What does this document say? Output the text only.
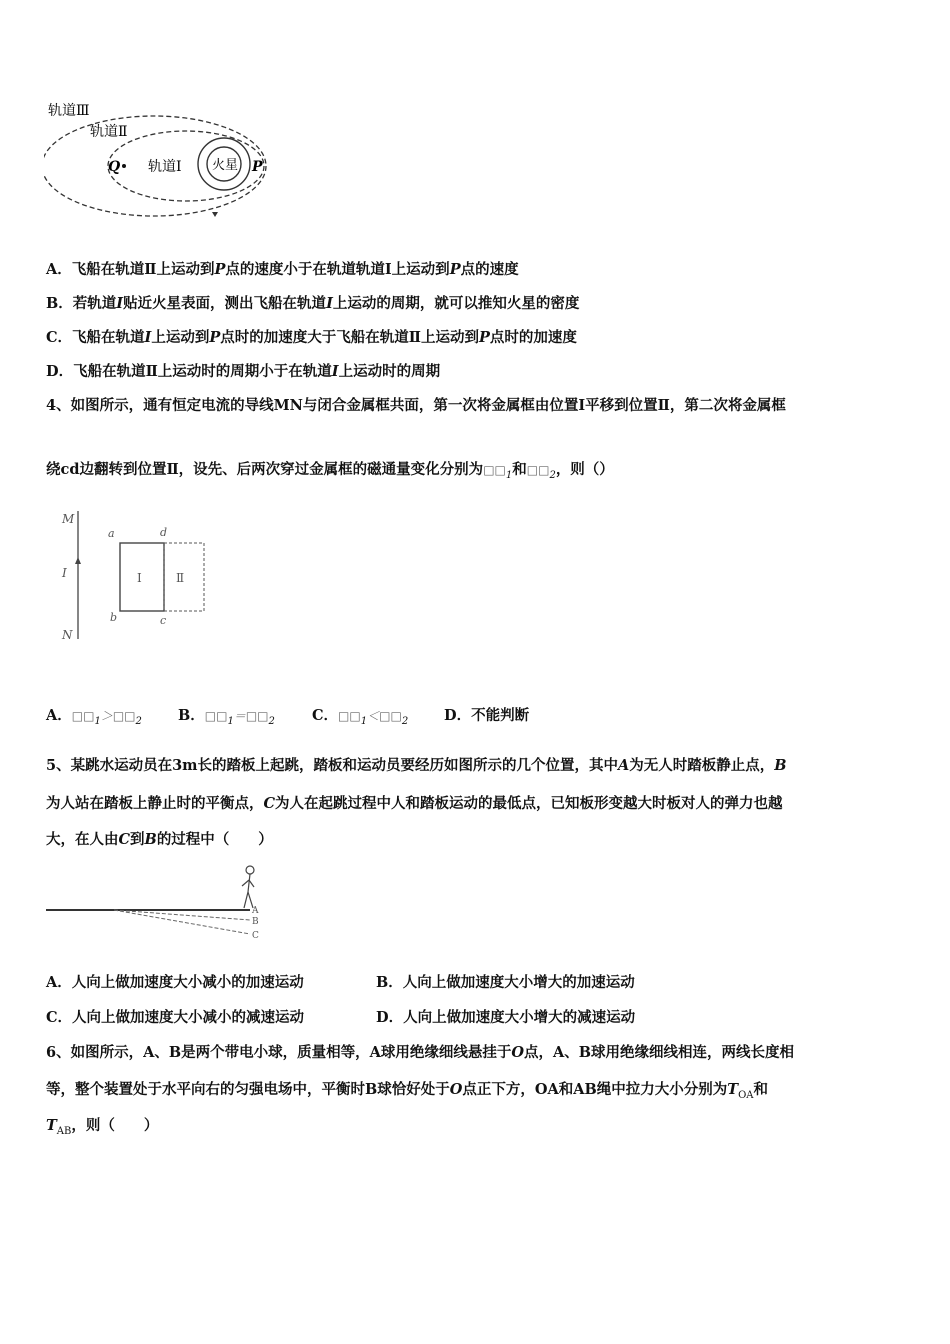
火星
Q	P
轨道Ⅰ
轨道Ⅱ
轨道Ⅲ
A．飞船在轨道Ⅱ上运动到P点的速度小于在轨道轨道Ⅰ上运动到P点的速度
B．若轨道I贴近火星表面，测出飞船在轨道I上运动的周期，就可以推知火星的密度
C．飞船在轨道I上运动到P点时的加速度大于飞船在轨道Ⅱ上运动到P点时的加速度
D．飞船在轨道Ⅱ上运动时的周期小于在轨道I上运动时的周期
4、如图所示，通有恒定电流的导线MN与闭合金属框共面，第一次将金属框由位置Ⅰ平移到位置Ⅱ，第二次将金属框
绕cd边翻转到位置Ⅱ，设先、后两次穿过金属框的磁通量变化分别为$□□_1$和$□□_2$，则（）
M
I
N
a	d
b	c
Ⅰ	Ⅱ
A．$□□_1>□□_2$ B．$□□_1=□□_2$	C．$□□_1<□□_2$ D．不能判断
5、某跳水运动员在3m长的踏板上起跳，踏板和运动员要经历如图所示的几个位置，其中A为无人时踏板静止点，B
为人站在踏板上静止时的平衡点，C为人在起跳过程中人和踏板运动的最低点，已知板形变越大时板对人的弹力也越
大，在人由C到B的过程中（　　）
A
B
C
A．人向上做加速度大小减小的加速运动	B．人向上做加速度大小增大的加速运动
C．人向上做加速度大小减小的减速运动	D．人向上做加速度大小增大的减速运动
6、如图所示，A、B是两个带电小球，质量相等，A球用绝缘细线悬挂于O点，A、B球用绝缘细线相连，两线长度相
等，整个装置处于水平向右的匀强电场中，平衡时B球恰好处于O点正下方，OA和AB绳中拉力大小分别为$T_{OA}$和
$T_{AB}$，则（　　）
